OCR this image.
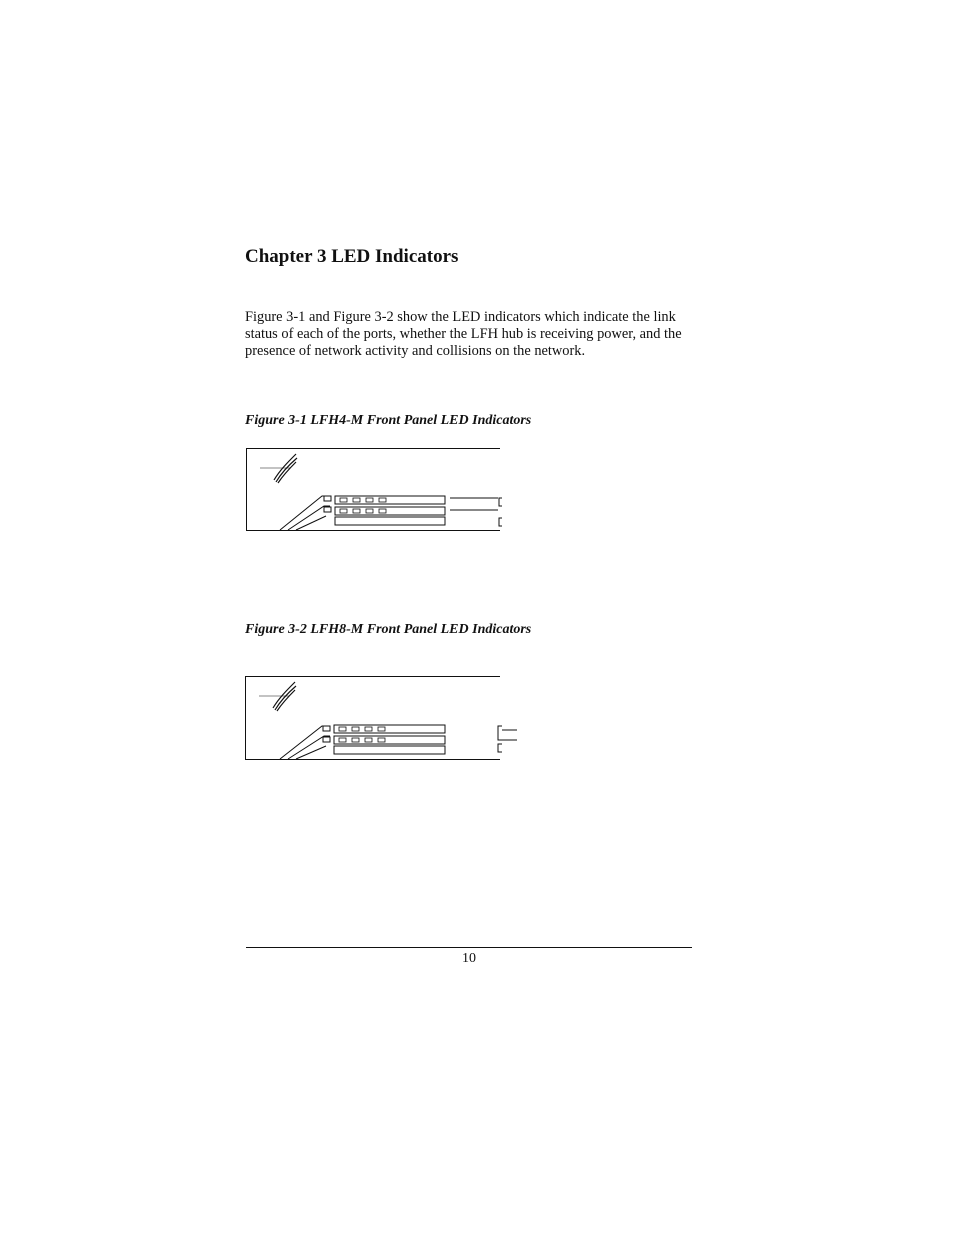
Chapter 3 LED Indicators

Figure 3-1 and Figure 3-2 show the LED indicators which indicate the link status of each of the ports, whether the LFH hub is receiving power, and the presence of network activity and collisions on the network.

Figure 3-1 LFH4-M Front Panel LED Indicators

Figure 3-2 LFH8-M Front Panel LED Indicators

10
